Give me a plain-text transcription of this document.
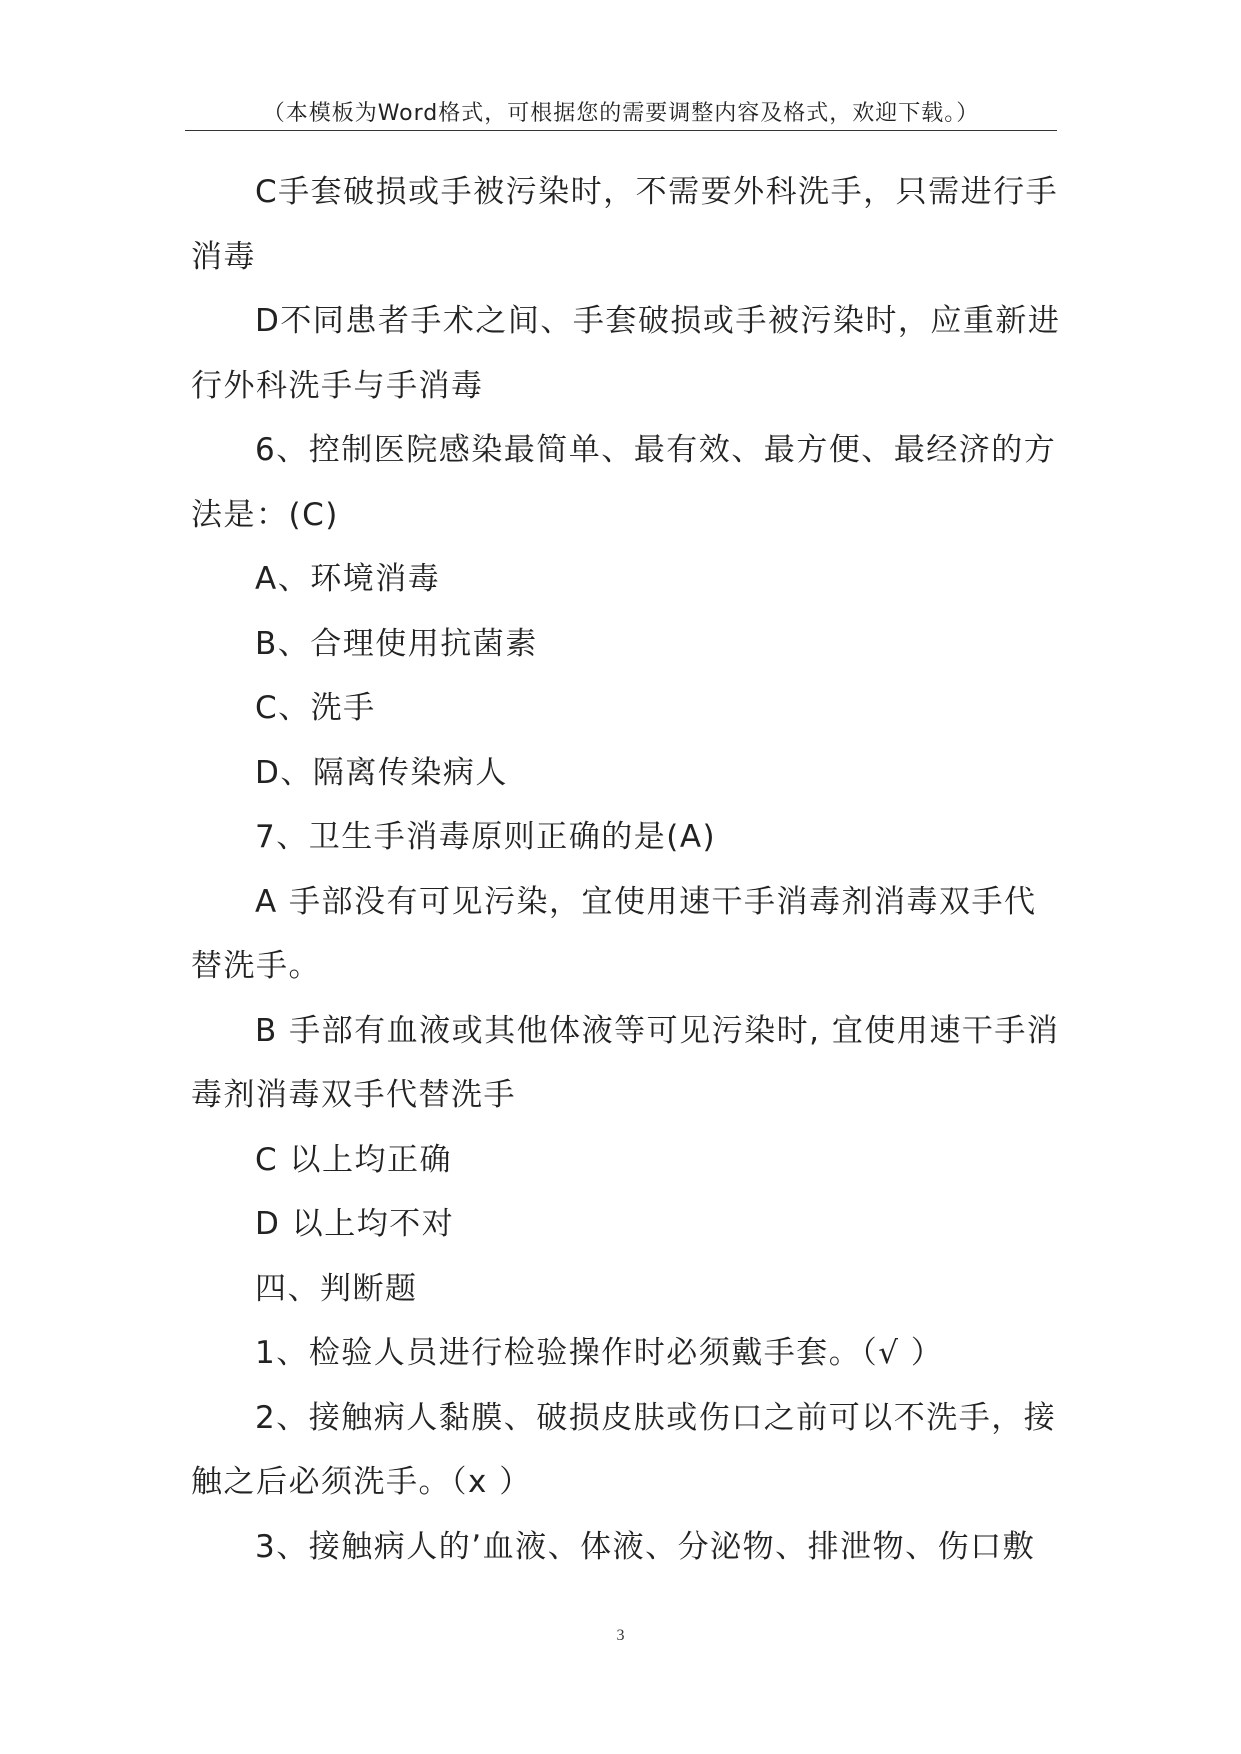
（本模板为Word格式，可根据您的需要调整内容及格式，欢迎下载。）

C手套破损或手被污染时，不需要外科洗手，只需进行手消毒

D不同患者手术之间、手套破损或手被污染时，应重新进行外科洗手与手消毒

6、控制医院感染最简单、最有效、最方便、最经济的方法是：(C)

A、环境消毒

B、合理使用抗菌素

C、洗手

D、隔离传染病人

7、卫生手消毒原则正确的是(A)

A 手部没有可见污染，宜使用速干手消毒剂消毒双手代替洗手。

B 手部有血液或其他体液等可见污染时, 宜使用速干手消毒剂消毒双手代替洗手

C 以上均正确

D 以上均不对

四、判断题

1、检验人员进行检验操作时必须戴手套。（√ ）

2、接触病人黏膜、破损皮肤或伤口之前可以不洗手，接触之后必须洗手。（x ）

3、接触病人的’血液、体液、分泌物、排泄物、伤口敷

3
